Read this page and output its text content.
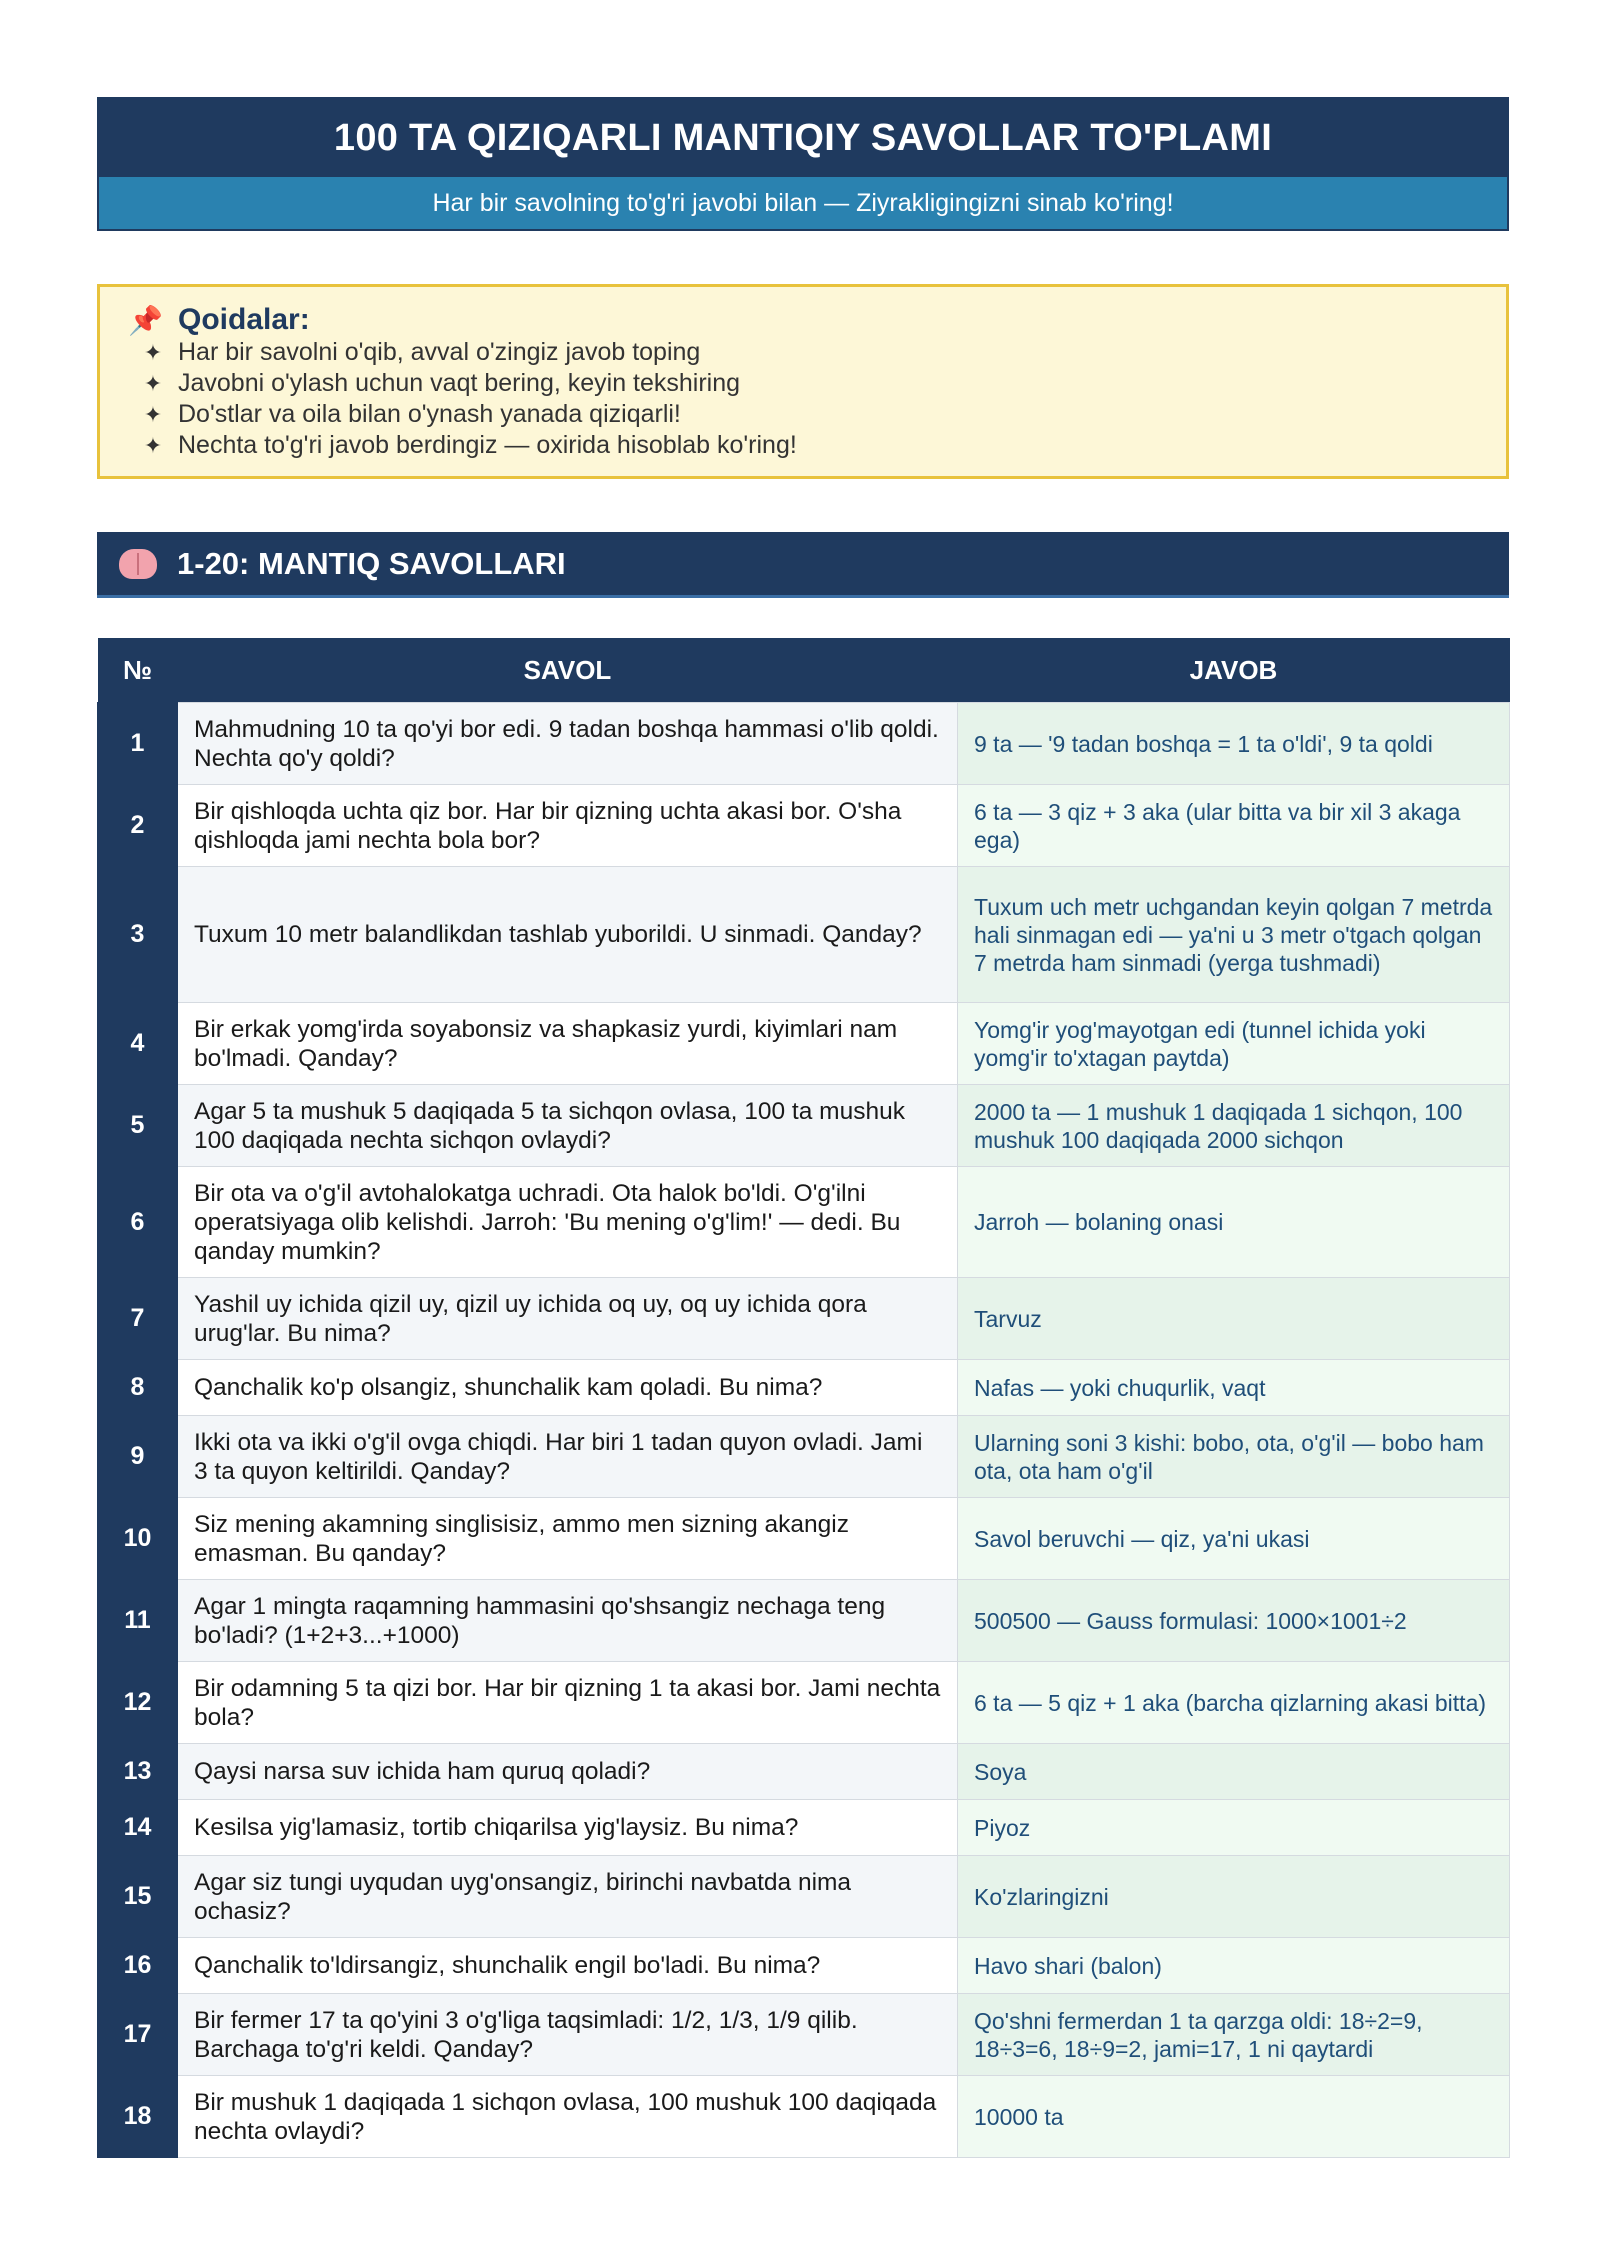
100 TA QIZIQARLI MANTIQIY SAVOLLAR TO'PLAMI
Har bir savolning to'g'ri javobi bilan — Ziyrakligingizni sinab ko'ring!
📌 Qoidalar:
✦ Har bir savolni o'qib, avval o'zingiz javob toping
✦ Javobni o'ylash uchun vaqt bering, keyin tekshiring
✦ Do'stlar va oila bilan o'ynash yanada qiziqarli!
✦ Nechta to'g'ri javob berdingiz — oxirida hisoblab ko'ring!
1-20: MANTIQ SAVOLLARI
№	SAVOL	JAVOB
1	Mahmudning 10 ta qo'yi bor edi. 9 tadan boshqa hammasi o'lib qoldi. Nechta qo'y qoldi?	9 ta — '9 tadan boshqa = 1 ta o'ldi', 9 ta qoldi
2	Bir qishloqda uchta qiz bor. Har bir qizning uchta akasi bor. O'sha qishloqda jami nechta bola bor?	6 ta — 3 qiz + 3 aka (ular bitta va bir xil 3 akaga ega)
3	Tuxum 10 metr balandlikdan tashlab yuborildi. U sinmadi. Qanday?	Tuxum uch metr uchgandan keyin qolgan 7 metrda hali sinmagan edi — ya'ni u 3 metr o'tgach qolgan 7 metrda ham sinmadi (yerga tushmadi)
4	Bir erkak yomg'irda soyabonsiz va shapkasiz yurdi, kiyimlari nam bo'lmadi. Qanday?	Yomg'ir yog'mayotgan edi (tunnel ichida yoki yomg'ir to'xtagan paytda)
5	Agar 5 ta mushuk 5 daqiqada 5 ta sichqon ovlasa, 100 ta mushuk 100 daqiqada nechta sichqon ovlaydi?	2000 ta — 1 mushuk 1 daqiqada 1 sichqon, 100 mushuk 100 daqiqada 2000 sichqon
6	Bir ota va o'g'il avtohalokatga uchradi. Ota halok bo'ldi. O'g'ilni operatsiyaga olib kelishdi. Jarroh: 'Bu mening o'g'lim!' — dedi. Bu qanday mumkin?	Jarroh — bolaning onasi
7	Yashil uy ichida qizil uy, qizil uy ichida oq uy, oq uy ichida qora urug'lar. Bu nima?	Tarvuz
8	Qanchalik ko'p olsangiz, shunchalik kam qoladi. Bu nima?	Nafas — yoki chuqurlik, vaqt
9	Ikki ota va ikki o'g'il ovga chiqdi. Har biri 1 tadan quyon ovladi. Jami 3 ta quyon keltirildi. Qanday?	Ularning soni 3 kishi: bobo, ota, o'g'il — bobo ham ota, ota ham o'g'il
10	Siz mening akamning singlisisiz, ammo men sizning akangiz emasman. Bu qanday?	Savol beruvchi — qiz, ya'ni ukasi
11	Agar 1 mingta raqamning hammasini qo'shsangiz nechaga teng bo'ladi? (1+2+3...+1000)	500500 — Gauss formulasi: 1000×1001÷2
12	Bir odamning 5 ta qizi bor. Har bir qizning 1 ta akasi bor. Jami nechta bola?	6 ta — 5 qiz + 1 aka (barcha qizlarning akasi bitta)
13	Qaysi narsa suv ichida ham quruq qoladi?	Soya
14	Kesilsa yig'lamasiz, tortib chiqarilsa yig'laysiz. Bu nima?	Piyoz
15	Agar siz tungi uyqudan uyg'onsangiz, birinchi navbatda nima ochasiz?	Ko'zlaringizni
16	Qanchalik to'ldirsangiz, shunchalik engil bo'ladi. Bu nima?	Havo shari (balon)
17	Bir fermer 17 ta qo'yini 3 o'g'liga taqsimladi: 1/2, 1/3, 1/9 qilib. Barchaga to'g'ri keldi. Qanday?	Qo'shni fermerdan 1 ta qarzga oldi: 18÷2=9, 18÷3=6, 18÷9=2, jami=17, 1 ni qaytardi
18	Bir mushuk 1 daqiqada 1 sichqon ovlasa, 100 mushuk 100 daqiqada nechta ovlaydi?	10000 ta
